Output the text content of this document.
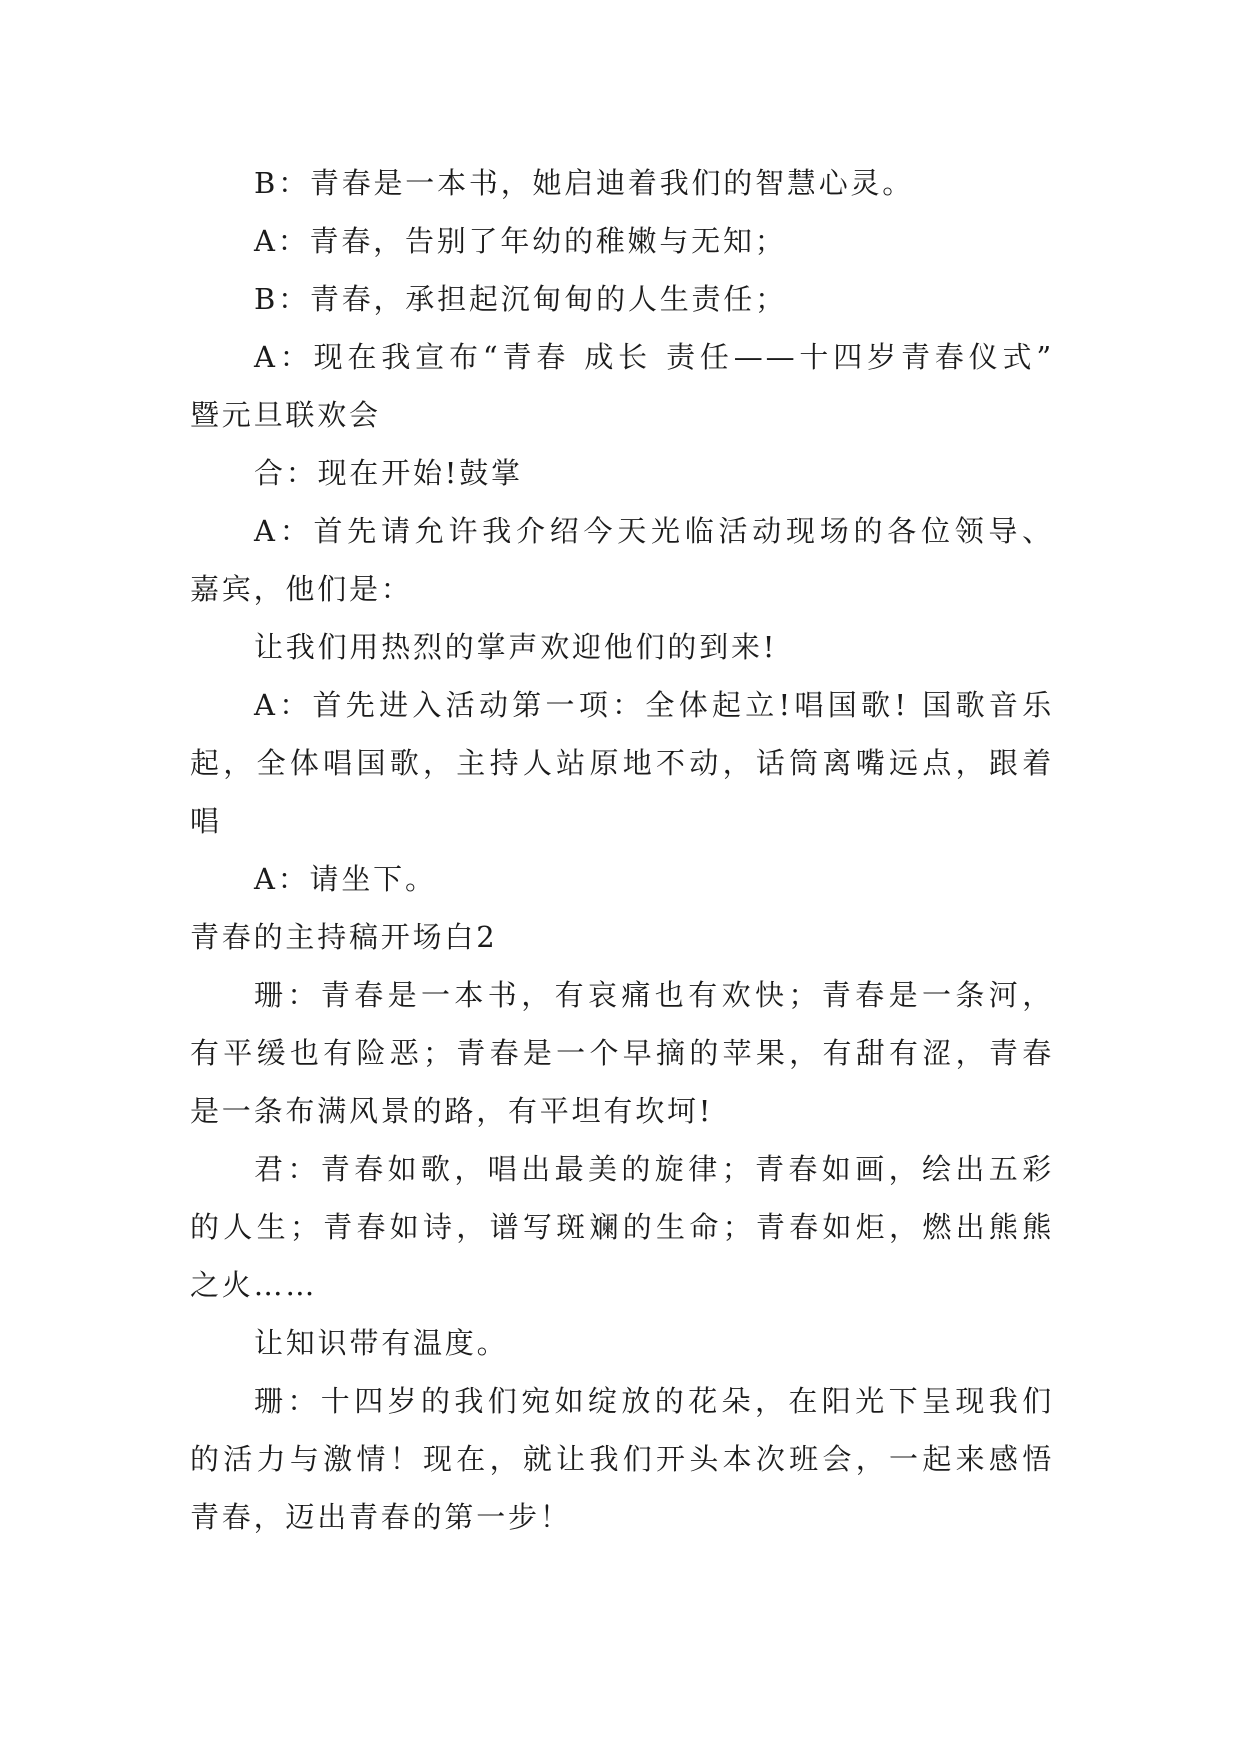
B：青春是一本书，她启迪着我们的智慧心灵。
A：青春，告别了年幼的稚嫩与无知；
B：青春，承担起沉甸甸的人生责任；
A：现在我宣布“青春 成长 责任——十四岁青春仪式”
暨元旦联欢会
合：现在开始!鼓掌
A：首先请允许我介绍今天光临活动现场的各位领导、
嘉宾，他们是：
让我们用热烈的掌声欢迎他们的到来!
A：首先进入活动第一项：全体起立!唱国歌! 国歌音乐
起，全体唱国歌，主持人站原地不动，话筒离嘴远点，跟着
唱
A：请坐下。
青春的主持稿开场白2
珊：青春是一本书，有哀痛也有欢快；青春是一条河，
有平缓也有险恶；青春是一个早摘的苹果，有甜有涩，青春
是一条布满风景的路，有平坦有坎坷!
君：青春如歌，唱出最美的旋律；青春如画，绘出五彩
的人生；青春如诗，谱写斑斓的生命；青春如炬，燃出熊熊
之火……
让知识带有温度。
珊：十四岁的我们宛如绽放的花朵，在阳光下呈现我们
的活力与激情！现在，就让我们开头本次班会，一起来感悟
青春，迈出青春的第一步！
